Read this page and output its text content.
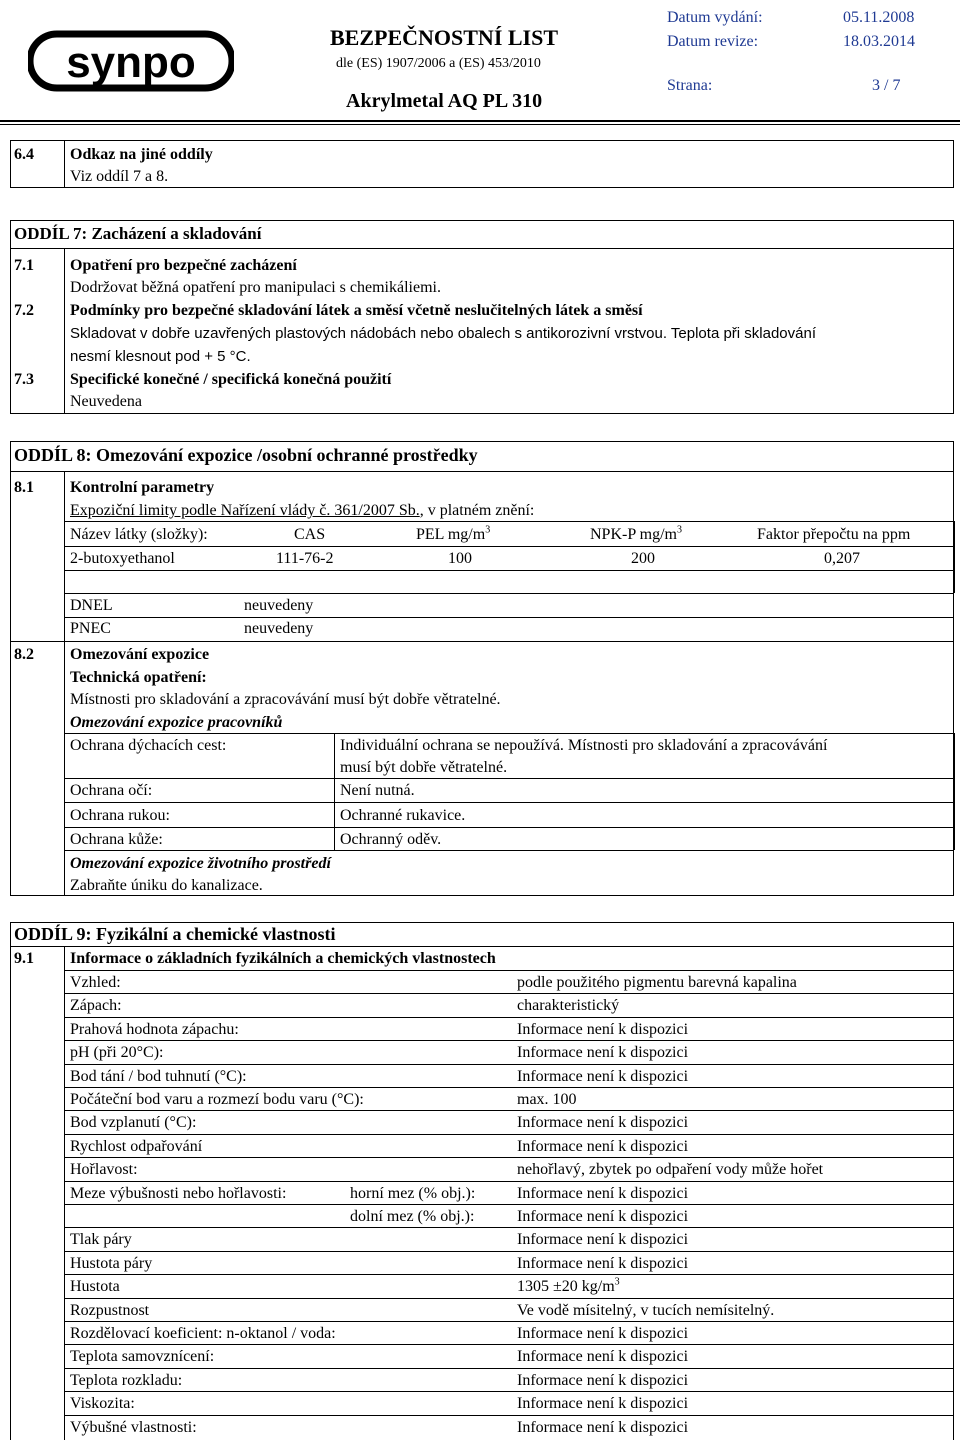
synpo
BEZPEČNOSTNÍ LIST
dle (ES) 1907/2006 a (ES) 453/2010
Akrylmetal AQ PL 310
Datum vydání:	05.11.2008
Datum revize:	18.03.2014
Strana:	3 / 7
6.4 Odkaz na jiné oddíly
Viz oddíl 7 a 8.
ODDÍL 7: Zacházení a skladování
7.1 Opatření pro bezpečné zacházení
Dodržovat běžná opatření pro manipulaci s chemikáliemi.
7.2 Podmínky pro bezpečné skladování látek a směsí včetně neslučitelných látek a směsí
Skladovat v dobře uzavřených plastových nádobách nebo obalech s antikorozivní vrstvou. Teplota při skladování
nesmí klesnout pod + 5 °C.
7.3 Specifické konečné / specifická konečná použití
Neuvedena
ODDÍL 8: Omezování expozice /osobní ochranné prostředky
8.1 Kontrolní parametry
Expoziční limity podle Nařízení vlády č. 361/2007 Sb., v platném znění:
Název látky (složky):	CAS	PEL $mg/m^3$	NPK-P $mg/m^3$	Faktor přepočtu na ppm
2-butoxyethanol	111-76-2	100	200	0,207
DNEL	neuvedeny
PNEC	neuvedeny
8.2 Omezování expozice
Technická opatření:
Místnosti pro skladování a zpracovávání musí být dobře větratelné.
Omezování expozice pracovníků
Ochrana dýchacích cest:	Individuální ochrana se nepoužívá. Místnosti pro skladování a zpracovávání
musí být dobře větratelné.
Ochrana očí:	Není nutná.
Ochrana rukou:	Ochranné rukavice.
Ochrana kůže:	Ochranný oděv.
Omezování expozice životního prostředí
Zabraňte úniku do kanalizace.
ODDÍL 9: Fyzikální a chemické vlastnosti
9.1 Informace o základních fyzikálních a chemických vlastnostech
Vzhled:	podle použitého pigmentu barevná kapalina
Zápach:	charakteristický
Prahová hodnota zápachu:	Informace není k dispozici
pH (při 20°C):	Informace není k dispozici
Bod tání / bod tuhnutí (°C):	Informace není k dispozici
Počáteční bod varu a rozmezí bodu varu (°C):	max. 100
Bod vzplanutí (°C):	Informace není k dispozici
Rychlost odpařování	Informace není k dispozici
Hořlavost:	nehořlavý, zbytek po odpaření vody může hořet
Meze výbušnosti nebo hořlavosti:	horní mez (% obj.):	Informace není k dispozici
dolní mez (% obj.):	Informace není k dispozici
Tlak páry	Informace není k dispozici
Hustota páry	Informace není k dispozici
Hustota	1305 ±20 $kg/m^3$
Rozpustnost	Ve vodě mísitelný, v tucích nemísitelný.
Rozdělovací koeficient: n-oktanol / voda:	Informace není k dispozici
Teplota samovznícení:	Informace není k dispozici
Teplota rozkladu:	Informace není k dispozici
Viskozita:	Informace není k dispozici
Výbušné vlastnosti:	Informace není k dispozici
